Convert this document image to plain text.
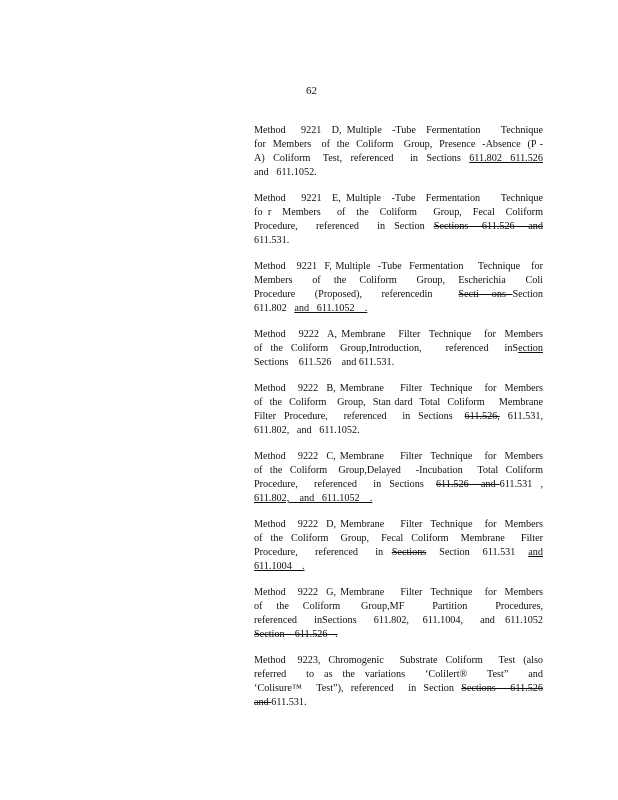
62
Method   9221  D, Multiple  -Tube  Fermentation    Technique
for  Members   of  the  Coliform   Group,  Presence  -Absence  (P -
A)  Coliform   Test,  referenced    in  Sections  611.802  611.526
and   611.1052.
Method   9221  E, Multiple  -Tube  Fermentation    Technique
fo r  Members   of  the  Coliform   Group,  Fecal  Coliform
Procedure,    referenced    in  Section  Sections   611.526   and
611.531.
Method   9221  F, Multiple  -Tube  Fermentation    Technique   for
Members   of  the  Coliform   Group,  Escherichia   Coli
Procedure   (Proposed),   referencedin    Secti  ons Section
611.802   and   611.1052    .
Method   9222  A, Membrane   Filter  Technique   for  Members
of  the  Coliform   Group,Introduction,      referenced    inSection
Sections    611.526    and 611.531.
Method   9222  B, Membrane    Filter  Technique   for  Members
of  the  Coliform   Group,  Stan dard  Total  Coliform    Membrane
Filter  Procedure,    referenced    in  Sections   611.526,  611.531,
611.802,   and   611.1052.
Method   9222  C, Membrane    Filter  Technique   for  Members
of  the  Coliform   Group,Delayed    -Incubation    Total  Coliform
Procedure,    referenced    in  Sections   611.526   and 611.531  ,
611.802,    and   611.1052    .
Method   9222  D, Membrane    Filter  Technique   for  Members
of  the  Coliform   Group,   Fecal  Coliform   Membrane    Filter
Procedure,    referenced    in  Sections   Section   611.531   and
611.1004    .
Method   9222  G, Membrane    Filter  Technique   for  Members
of  the  Coliform   Group,MF    Partition    Procedures,
referenced     inSections     611.802,    611.1004,     and   611.1052
Section    611.526   .
Method   9223,  Chromogenic    Substrate  Coliform    Test  (also
referred    to  as  the  variations    ‘Colilert®    Test”    and
‘Colisure™    Test”),  referenced    in  Section  Sections    611.526
and 611.531.
